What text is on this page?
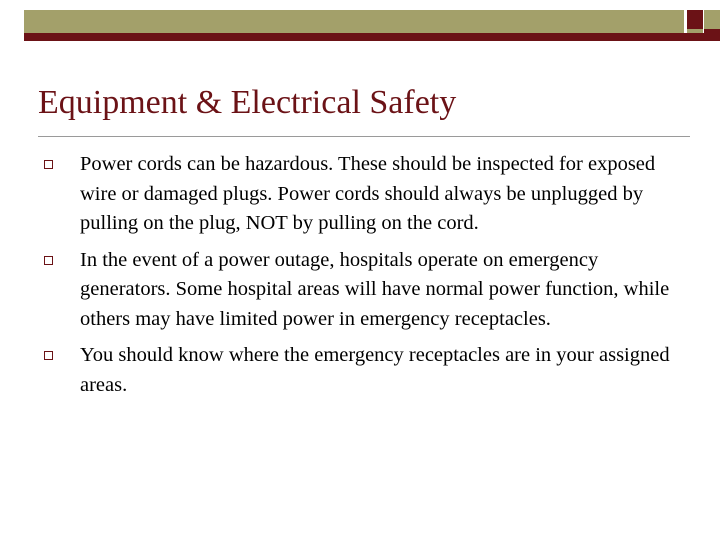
Equipment & Electrical Safety
Power cords can be hazardous. These should be inspected for exposed wire or damaged plugs. Power cords should always be unplugged by pulling on the plug, NOT by pulling on the cord.
In the event of a power outage, hospitals operate on emergency generators. Some hospital areas will have normal power function, while others may have limited power in emergency receptacles.
You should know where the emergency receptacles are in your assigned areas.
